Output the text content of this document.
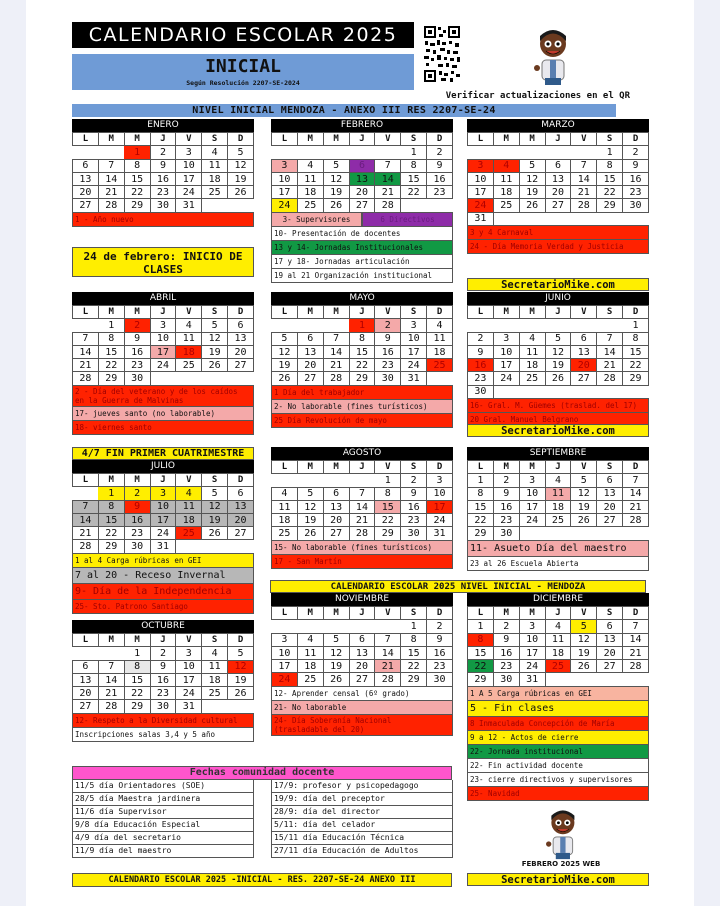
CALENDARIO ESCOLAR 2025
INICIAL
Según Resolución 2207-SE-2024
Verificar actualizaciones en el QR
NIVEL INICIAL MENDOZA - ANEXO III RES 2207-SE-24
ENERO
L	M	M	J	V	S	D
		1	2	3	4	5
6	7	8	9	10	11	12
13	14	15	16	17	18	19
20	21	22	23	24	25	26
27	28	29	30	31		
1 - Año nuevo
FEBRERO
L	M	M	J	V	S	D
					1	2
3	4	5	6	7	8	9
10	11	12	13	14	15	16
17	18	19	20	21	22	23
24	25	26	27	28		
3- Supervisores	6 Directivos
10- Presentación de docentes
13 y 14- Jornadas Institucionales
17 y 18- Jornadas articulación
19 al 21 Organización institucional
MARZO
L	M	M	J	V	S	D
					1	2
3	4	5	6	7	8	9
10	11	12	13	14	15	16
17	18	19	20	21	22	23
24	25	26	27	28	29	30
31						
3 y 4 Carnaval
24 - Día Memoria Verdad y Justicia
24 de febrero: INICIO DE CLASES
SecretarioMike.com
ABRIL
L	M	M	J	V	S	D
	1	2	3	4	5	6
7	8	9	10	11	12	13
14	15	16	17	18	19	20
21	22	23	24	25	26	27
28	29	30				
2 - Día del veterano y de los caídos en la Guerra de Malvinas
17- jueves santo (no laborable)
18- viernes santo
MAYO
L	M	M	J	V	S	D
			1	2	3	4
5	6	7	8	9	10	11
12	13	14	15	16	17	18
19	20	21	22	23	24	25
26	27	28	29	30	31	
1 Día del trabajador
2- No laborable (fines turísticos)
25 Día Revolución de mayo
JUNIO
L	M	M	J	V	S	D
						1
2	3	4	5	6	7	8
9	10	11	12	13	14	15
16	17	18	19	20	21	22
23	24	25	26	27	28	29
30						
16- Gral. M. Güemes (traslad. del 17)
20 Gral. Manuel Belgrano
SecretarioMike.com
4/7 FIN PRIMER CUATRIMESTRE
JULIO
L	M	M	J	V	S	D
	1	2	3	4	5	6
7	8	9	10	11	12	13
14	15	16	17	18	19	20
21	22	23	24	25	26	27
28	29	30	31			
1 al 4 Carga rúbricas en GEI
7 al 20 - Receso Invernal
9- Día de la Independencia
25- Sto. Patrono Santiago
AGOSTO
L	M	M	J	V	S	D
				1	2	3
4	5	6	7	8	9	10
11	12	13	14	15	16	17
18	19	20	21	22	23	24
25	26	27	28	29	30	31
15- No laborable (fines turísticos)
17 - San Martín
SEPTIEMBRE
L	M	M	J	V	S	D
1	2	3	4	5	6	7
8	9	10	11	12	13	14
15	16	17	18	19	20	21
22	23	24	25	26	27	28
29	30					
11- Asueto Día del maestro
23 al 26 Escuela Abierta
CALENDARIO ESCOLAR 2025 NIVEL INICIAL - MENDOZA
OCTUBRE
L	M	M	J	V	S	D
		1	2	3	4	5
6	7	8	9	10	11	12
13	14	15	16	17	18	19
20	21	22	23	24	25	26
27	28	29	30	31		
12- Respeto a la Diversidad cultural
Inscripciones salas 3,4 y 5 año
NOVIEMBRE
L	M	M	J	V	S	D
					1	2
3	4	5	6	7	8	9
10	11	12	13	14	15	16
17	18	19	20	21	22	23
24	25	26	27	28	29	30
12- Aprender censal (6º grado)
21- No laborable
24- Día Soberanía Nacional (trasladable del 20)
DICIEMBRE
L	M	M	J	V	S	D
1	2	3	4	5	6	7
8	9	10	11	12	13	14
15	16	17	18	19	20	21
22	23	24	25	26	27	28
29	30	31				
1 A 5 Carga rúbricas en GEI
5 - Fin clases
8 Inmaculada Concepción de María
9 a 12 - Actos de cierre
22- Jornada institucional
22- Fin actividad docente
23- cierre directivos y supervisores
25- Navidad
Fechas comunidad docente
11/5 día Orientadores (SOE)
28/5 día Maestra jardinera
11/6 día Supervisor
9/8 día Educación Especial
4/9 día del secretario
11/9 día del maestro
17/9: profesor y psicopedagogo
19/9: día del preceptor
28/9: día del director
5/11: día del celador
15/11 día Educación Técnica
27/11 día Educación de Adultos
FEBRERO 2025 WEB
SecretarioMike.com
CALENDARIO ESCOLAR 2025 -INICIAL - RES. 2207-SE-24 ANEXO III
